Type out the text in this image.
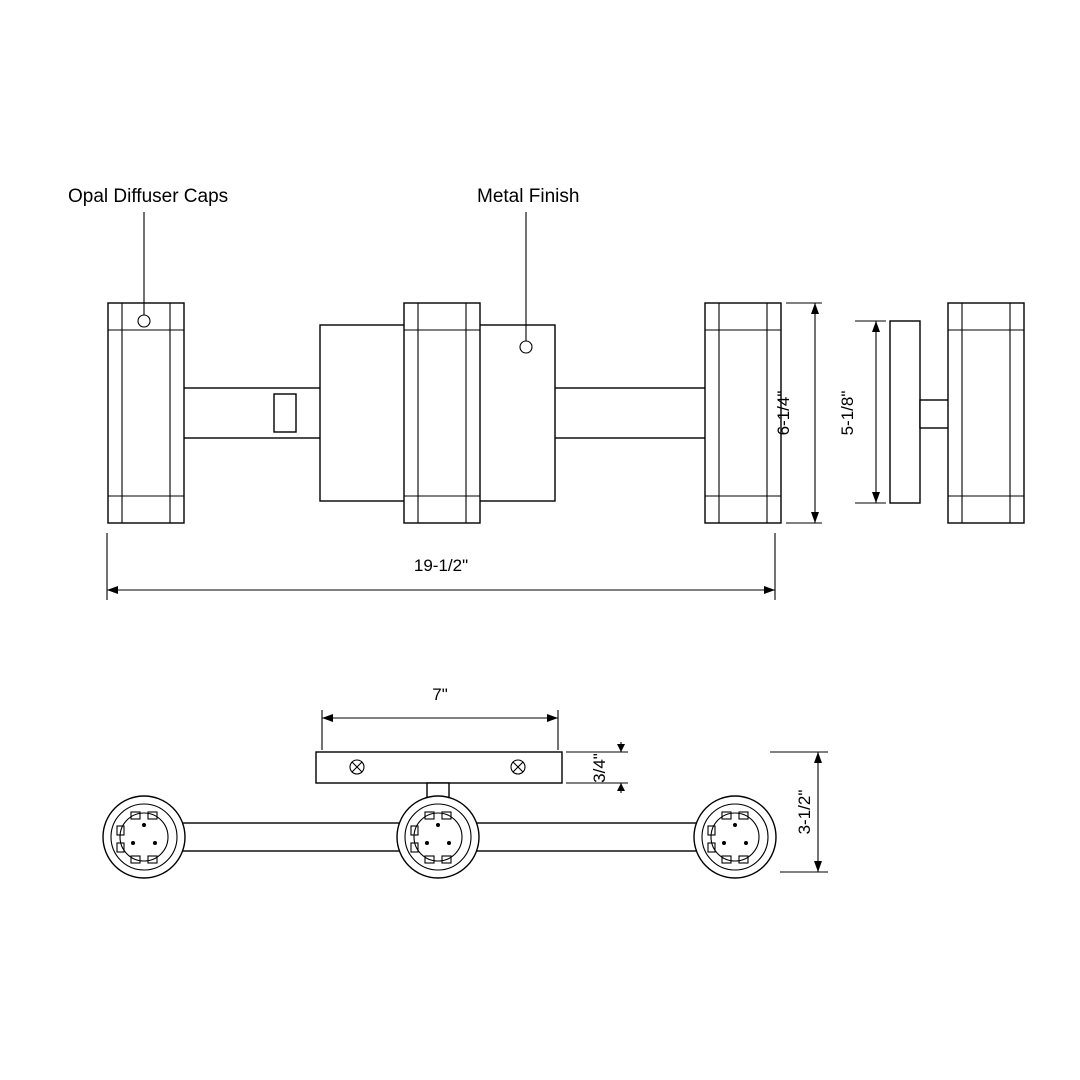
Opal Diffuser Caps	Metal Finish
6-1/4"	5-1/8"
19-1/2"
7"
3/4"
3-1/2"
